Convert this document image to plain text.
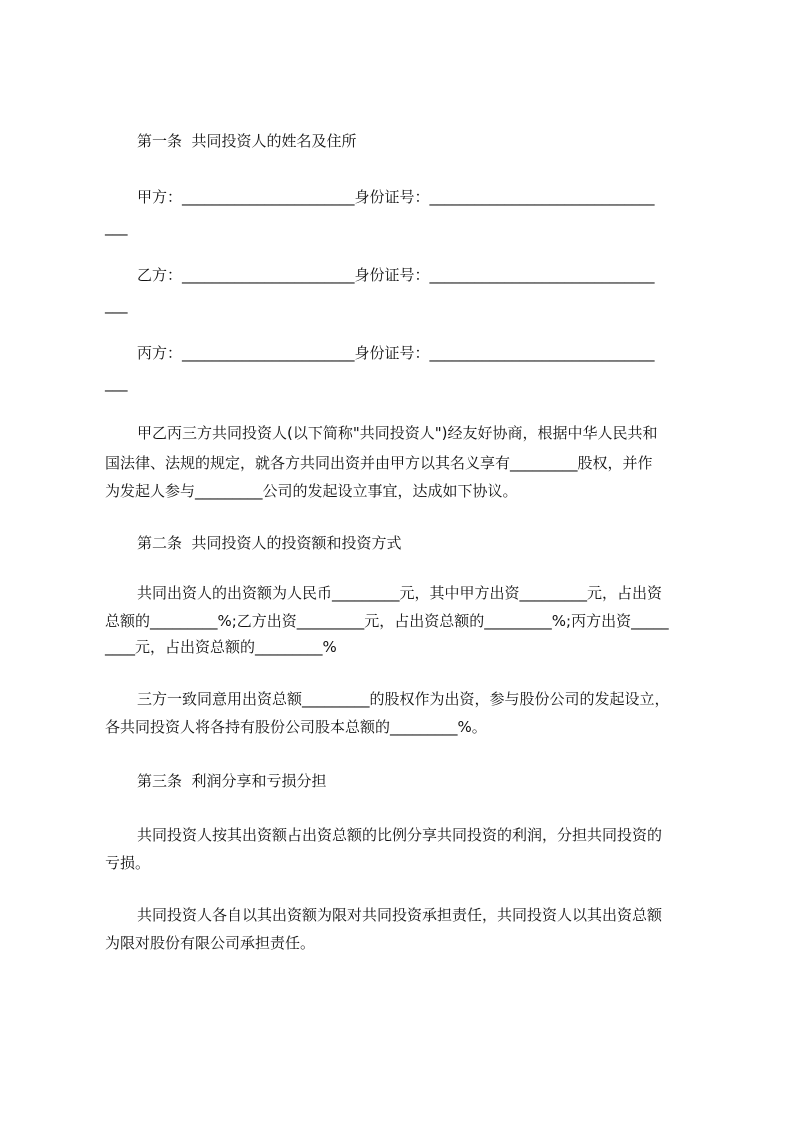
第一条  共同投资人的姓名及住所

甲方：_______________________身份证号：______________________________

___

乙方：_______________________身份证号：______________________________

___

丙方：_______________________身份证号：______________________________

___

甲乙丙三方共同投资人(以下简称"共同投资人")经友好协商，根据中华人民共和

国法律、法规的规定，就各方共同出资并由甲方以其名义享有_________股权，并作

为发起人参与_________公司的发起设立事宜，达成如下协议。

第二条  共同投资人的投资额和投资方式

共同出资人的出资额为人民币_________元，其中甲方出资_________元，占出资

总额的_________%;乙方出资_________元，占出资总额的_________%;丙方出资_____

____元，占出资总额的_________%

三方一致同意用出资总额_________的股权作为出资，参与股份公司的发起设立，

各共同投资人将各持有股份公司股本总额的_________%。

第三条  利润分享和亏损分担

共同投资人按其出资额占出资总额的比例分享共同投资的利润，分担共同投资的

亏损。

共同投资人各自以其出资额为限对共同投资承担责任，共同投资人以其出资总额

为限对股份有限公司承担责任。
